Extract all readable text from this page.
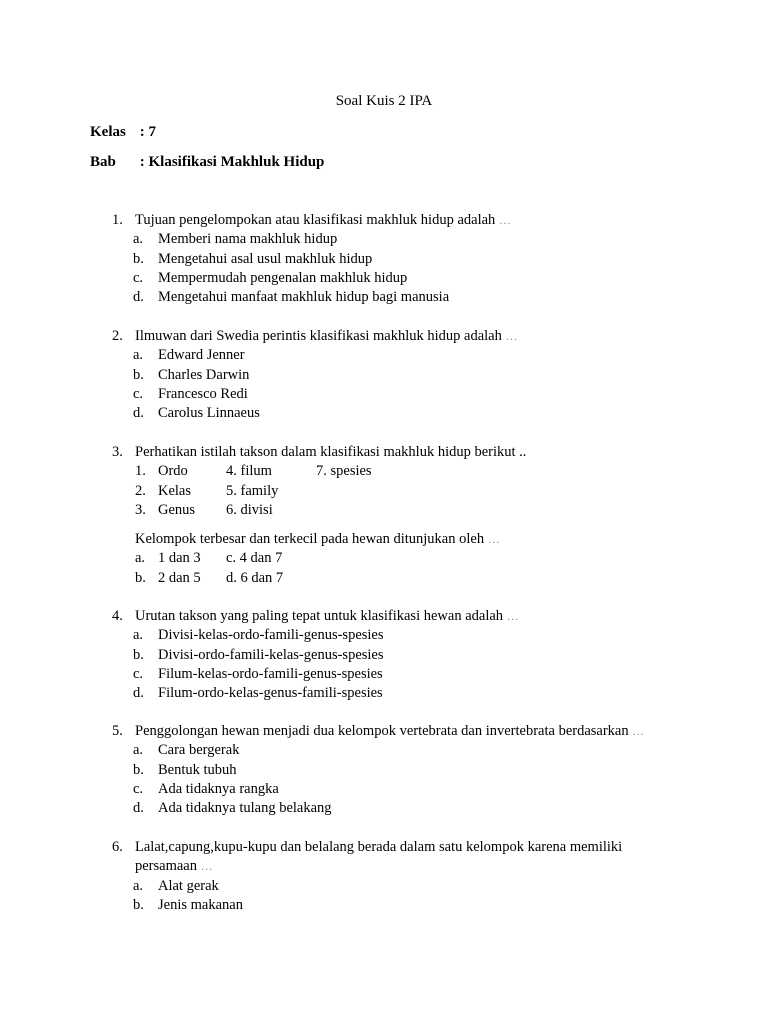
Soal Kuis 2 IPA
Kelas : 7
Bab : Klasifikasi Makhluk Hidup
1. Tujuan pengelompokan atau klasifikasi makhluk hidup adalah …
a. Memberi nama makhluk hidup
b. Mengetahui asal usul makhluk hidup
c. Mempermudah pengenalan makhluk hidup
d. Mengetahui manfaat makhluk hidup bagi manusia
2. Ilmuwan dari Swedia perintis klasifikasi makhluk hidup adalah …
a. Edward Jenner
b. Charles Darwin
c. Francesco Redi
d. Carolus Linnaeus
3. Perhatikan istilah takson dalam klasifikasi makhluk hidup berikut ..
1. Ordo	4. filum	7. spesies
2. Kelas 5. family
3. Genus 6. divisi
Kelompok terbesar dan terkecil pada hewan ditunjukan oleh …
a. 1 dan 3 c. 4 dan 7
b. 2 dan 5 d. 6 dan 7
4. Urutan takson yang paling tepat untuk klasifikasi hewan adalah …
a. Divisi-kelas-ordo-famili-genus-spesies
b. Divisi-ordo-famili-kelas-genus-spesies
c. Filum-kelas-ordo-famili-genus-spesies
d. Filum-ordo-kelas-genus-famili-spesies
5. Penggolongan hewan menjadi dua kelompok vertebrata dan invertebrata berdasarkan …
a. Cara bergerak
b. Bentuk tubuh
c. Ada tidaknya rangka
d. Ada tidaknya tulang belakang
6. Lalat,capung,kupu-kupu dan belalang berada dalam satu kelompok karena memiliki
persamaan …
a. Alat gerak
b. Jenis makanan
